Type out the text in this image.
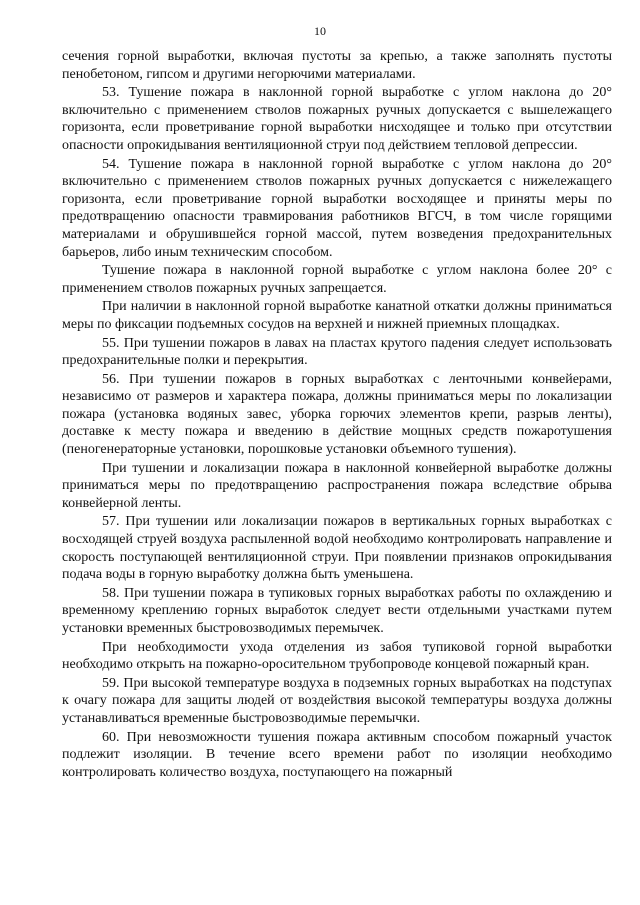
10

сечения горной выработки, включая пустоты за крепью, а также заполнять пустоты пенобетоном, гипсом и другими негорючими материалами.

53. Тушение пожара в наклонной горной выработке с углом наклона до 20° включительно с применением стволов пожарных ручных допускается с вышележащего горизонта, если проветривание горной выработки нисходящее и только при отсутствии опасности опрокидывания вентиляционной струи под действием тепловой депрессии.

54. Тушение пожара в наклонной горной выработке с углом наклона до 20° включительно с применением стволов пожарных ручных допускается с нижележащего горизонта, если проветривание горной выработки восходящее и приняты меры по предотвращению опасности травмирования работников ВГСЧ, в том числе горящими материалами и обрушившейся горной массой, путем возведения предохранительных барьеров, либо иным техническим способом.

Тушение пожара в наклонной горной выработке с углом наклона более 20° с применением стволов пожарных ручных запрещается.

При наличии в наклонной горной выработке канатной откатки должны приниматься меры по фиксации подъемных сосудов на верхней и нижней приемных площадках.

55. При тушении пожаров в лавах на пластах крутого падения следует использовать предохранительные полки и перекрытия.

56. При тушении пожаров в горных выработках с ленточными конвейерами, независимо от размеров и характера пожара, должны приниматься меры по локализации пожара (установка водяных завес, уборка горючих элементов крепи, разрыв ленты), доставке к месту пожара и введению в действие мощных средств пожаротушения (пеногенераторные установки, порошковые установки объемного тушения).

При тушении и локализации пожара в наклонной конвейерной выработке должны приниматься меры по предотвращению распространения пожара вследствие обрыва конвейерной ленты.

57. При тушении или локализации пожаров в вертикальных горных выработках с восходящей струей воздуха распыленной водой необходимо контролировать направление и скорость поступающей вентиляционной струи. При появлении признаков опрокидывания подача воды в горную выработку должна быть уменьшена.

58. При тушении пожара в тупиковых горных выработках работы по охлаждению и временному креплению горных выработок следует вести отдельными участками путем установки временных быстровозводимых перемычек.

При необходимости ухода отделения из забоя тупиковой горной выработки необходимо открыть на пожарно-оросительном трубопроводе концевой пожарный кран.

59. При высокой температуре воздуха в подземных горных выработках на подступах к очагу пожара для защиты людей от воздействия высокой температуры воздуха должны устанавливаться временные быстровозводимые перемычки.

60. При невозможности тушения пожара активным способом пожарный участок подлежит изоляции. В течение всего времени работ по изоляции необходимо контролировать количество воздуха, поступающего на пожарный
